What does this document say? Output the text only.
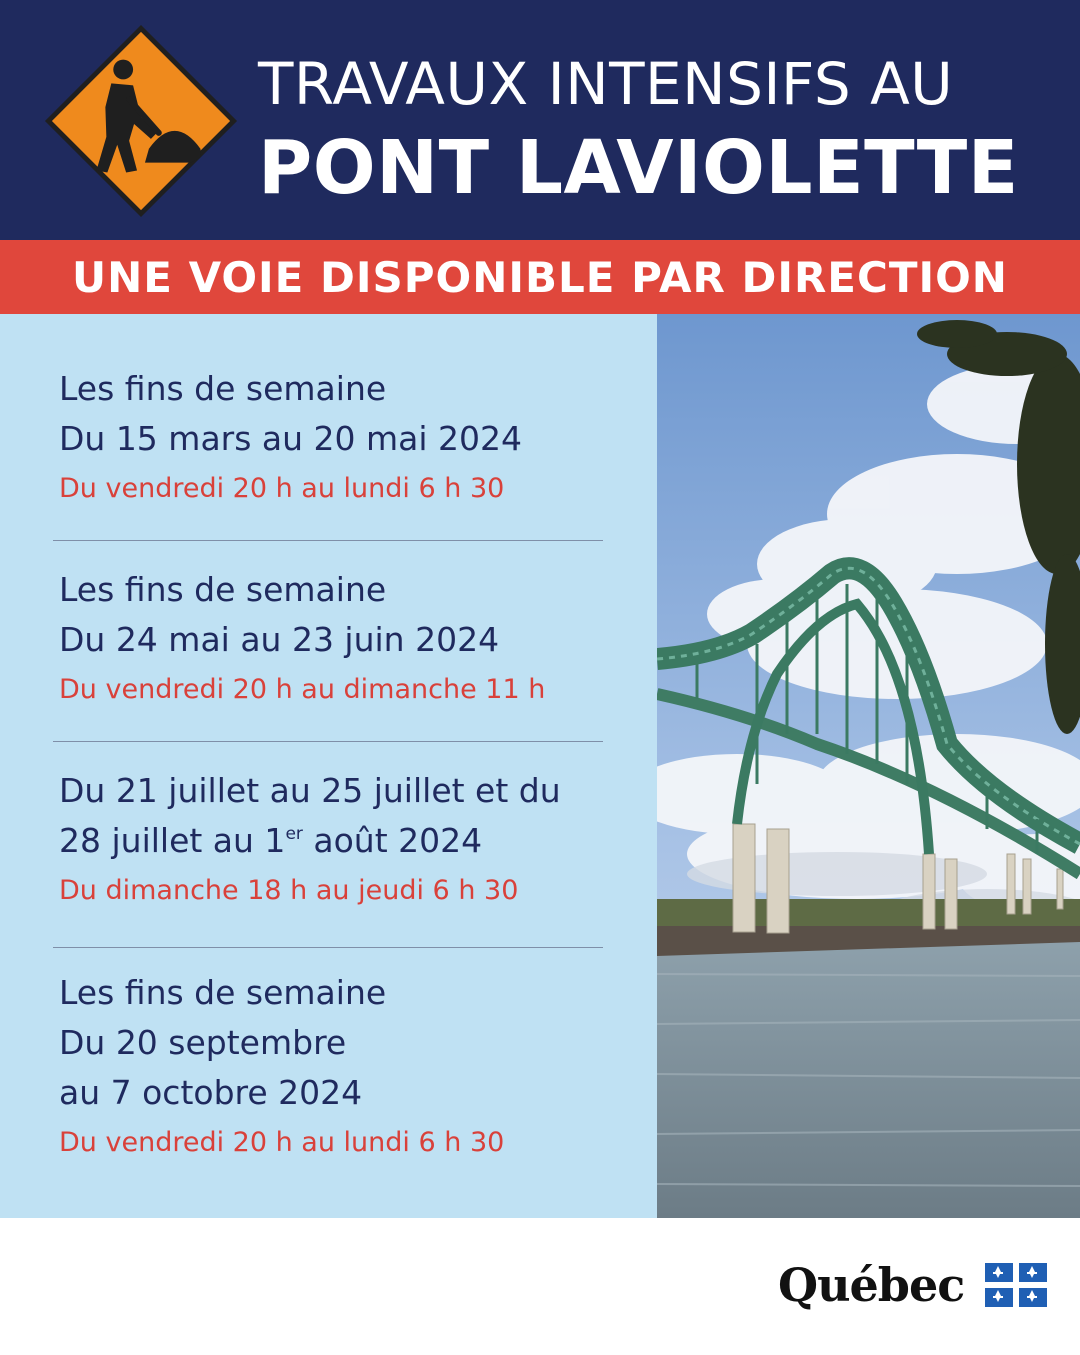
TRAVAUX INTENSIFS AU
PONT LAVIOLETTE
UNE VOIE DISPONIBLE PAR DIRECTION
Les fins de semaine
Du 15 mars au 20 mai 2024
Du vendredi 20 h au lundi 6 h 30
Les fins de semaine
Du 24 mai au 23 juin 2024
Du vendredi 20 h au dimanche 11 h
Du 21 juillet au 25 juillet et du
28 juillet au 1er août 2024
Du dimanche 18 h au jeudi 6 h 30
Les fins de semaine
Du 20 septembre
au 7 octobre 2024
Du vendredi 20 h au lundi 6 h 30
Québec
